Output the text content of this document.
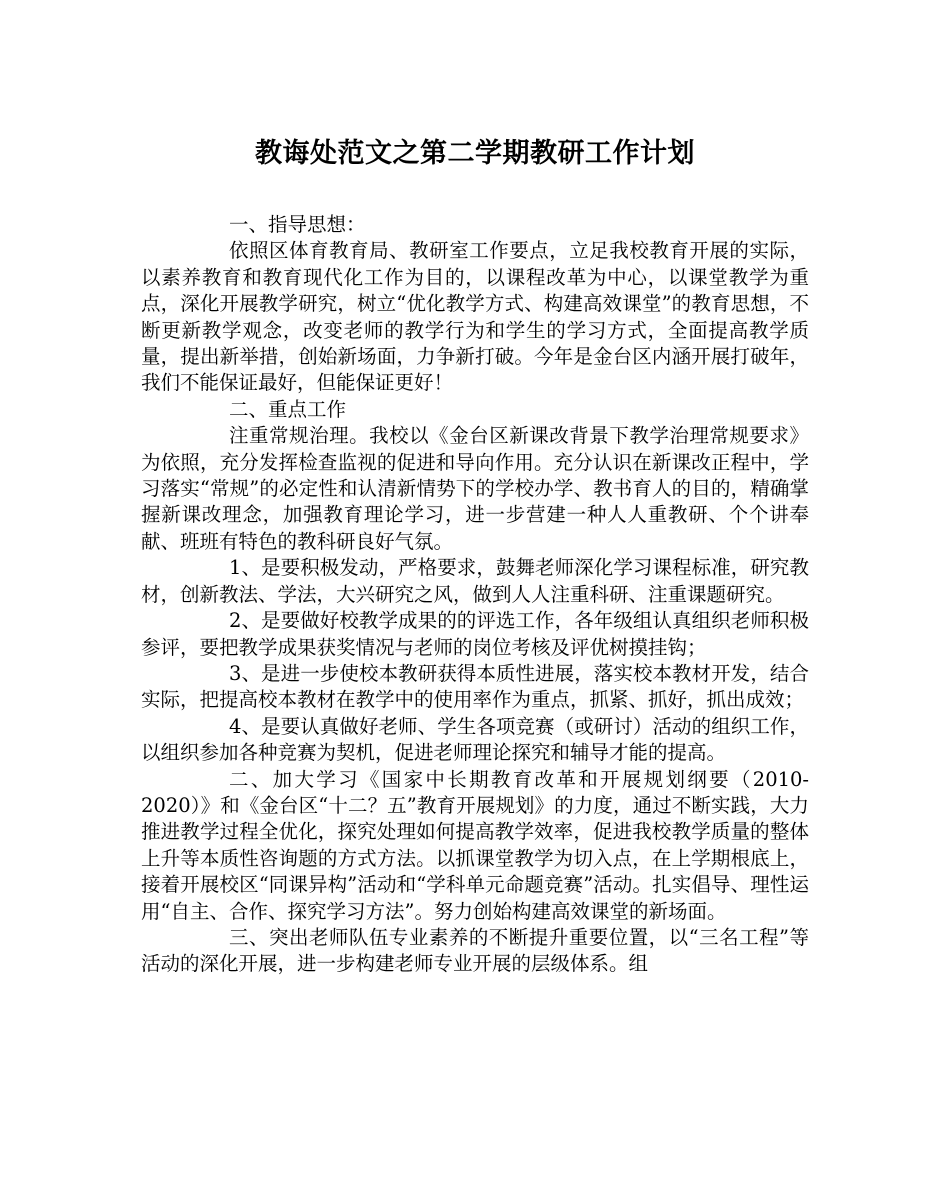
教诲处范文之第二学期教研工作计划

一、指导思想：

依照区体育教育局、教研室工作要点，立足我校教育开展的实际，以素养教育和教育现代化工作为目的，以课程改革为中心，以课堂教学为重点，深化开展教学研究，树立“优化教学方式、构建高效课堂”的教育思想，不断更新教学观念，改变老师的教学行为和学生的学习方式，全面提高教学质量，提出新举措，创始新场面，力争新打破。今年是金台区内涵开展打破年，我们不能保证最好，但能保证更好！

二、重点工作

注重常规治理。我校以《金台区新课改背景下教学治理常规要求》为依照，充分发挥检查监视的促进和导向作用。充分认识在新课改正程中，学习落实“常规”的必定性和认清新情势下的学校办学、教书育人的目的，精确掌握新课改理念，加强教育理论学习，进一步营建一种人人重教研、个个讲奉献、班班有特色的教科研良好气氛。

1、是要积极发动，严格要求，鼓舞老师深化学习课程标准，研究教材，创新教法、学法，大兴研究之风，做到人人注重科研、注重课题研究。

2、是要做好校教学成果的的评选工作，各年级组认真组织老师积极参评，要把教学成果获奖情况与老师的岗位考核及评优树摸挂钩；

3、是进一步使校本教研获得本质性进展，落实校本教材开发，结合实际，把提高校本教材在教学中的使用率作为重点，抓紧、抓好，抓出成效；

4、是要认真做好老师、学生各项竞赛（或研讨）活动的组织工作，以组织参加各种竞赛为契机，促进老师理论探究和辅导才能的提高。

二、加大学习《国家中长期教育改革和开展规划纲要（2010-2020）》和《金台区“十二？五”教育开展规划》的力度，通过不断实践，大力推进教学过程全优化，探究处理如何提高教学效率，促进我校教学质量的整体上升等本质性咨询题的方式方法。以抓课堂教学为切入点，在上学期根底上，接着开展校区“同课异构”活动和“学科单元命题竞赛”活动。扎实倡导、理性运用“自主、合作、探究学习方法”。努力创始构建高效课堂的新场面。

三、突出老师队伍专业素养的不断提升重要位置，以“三名工程”等活动的深化开展，进一步构建老师专业开展的层级体系。组
